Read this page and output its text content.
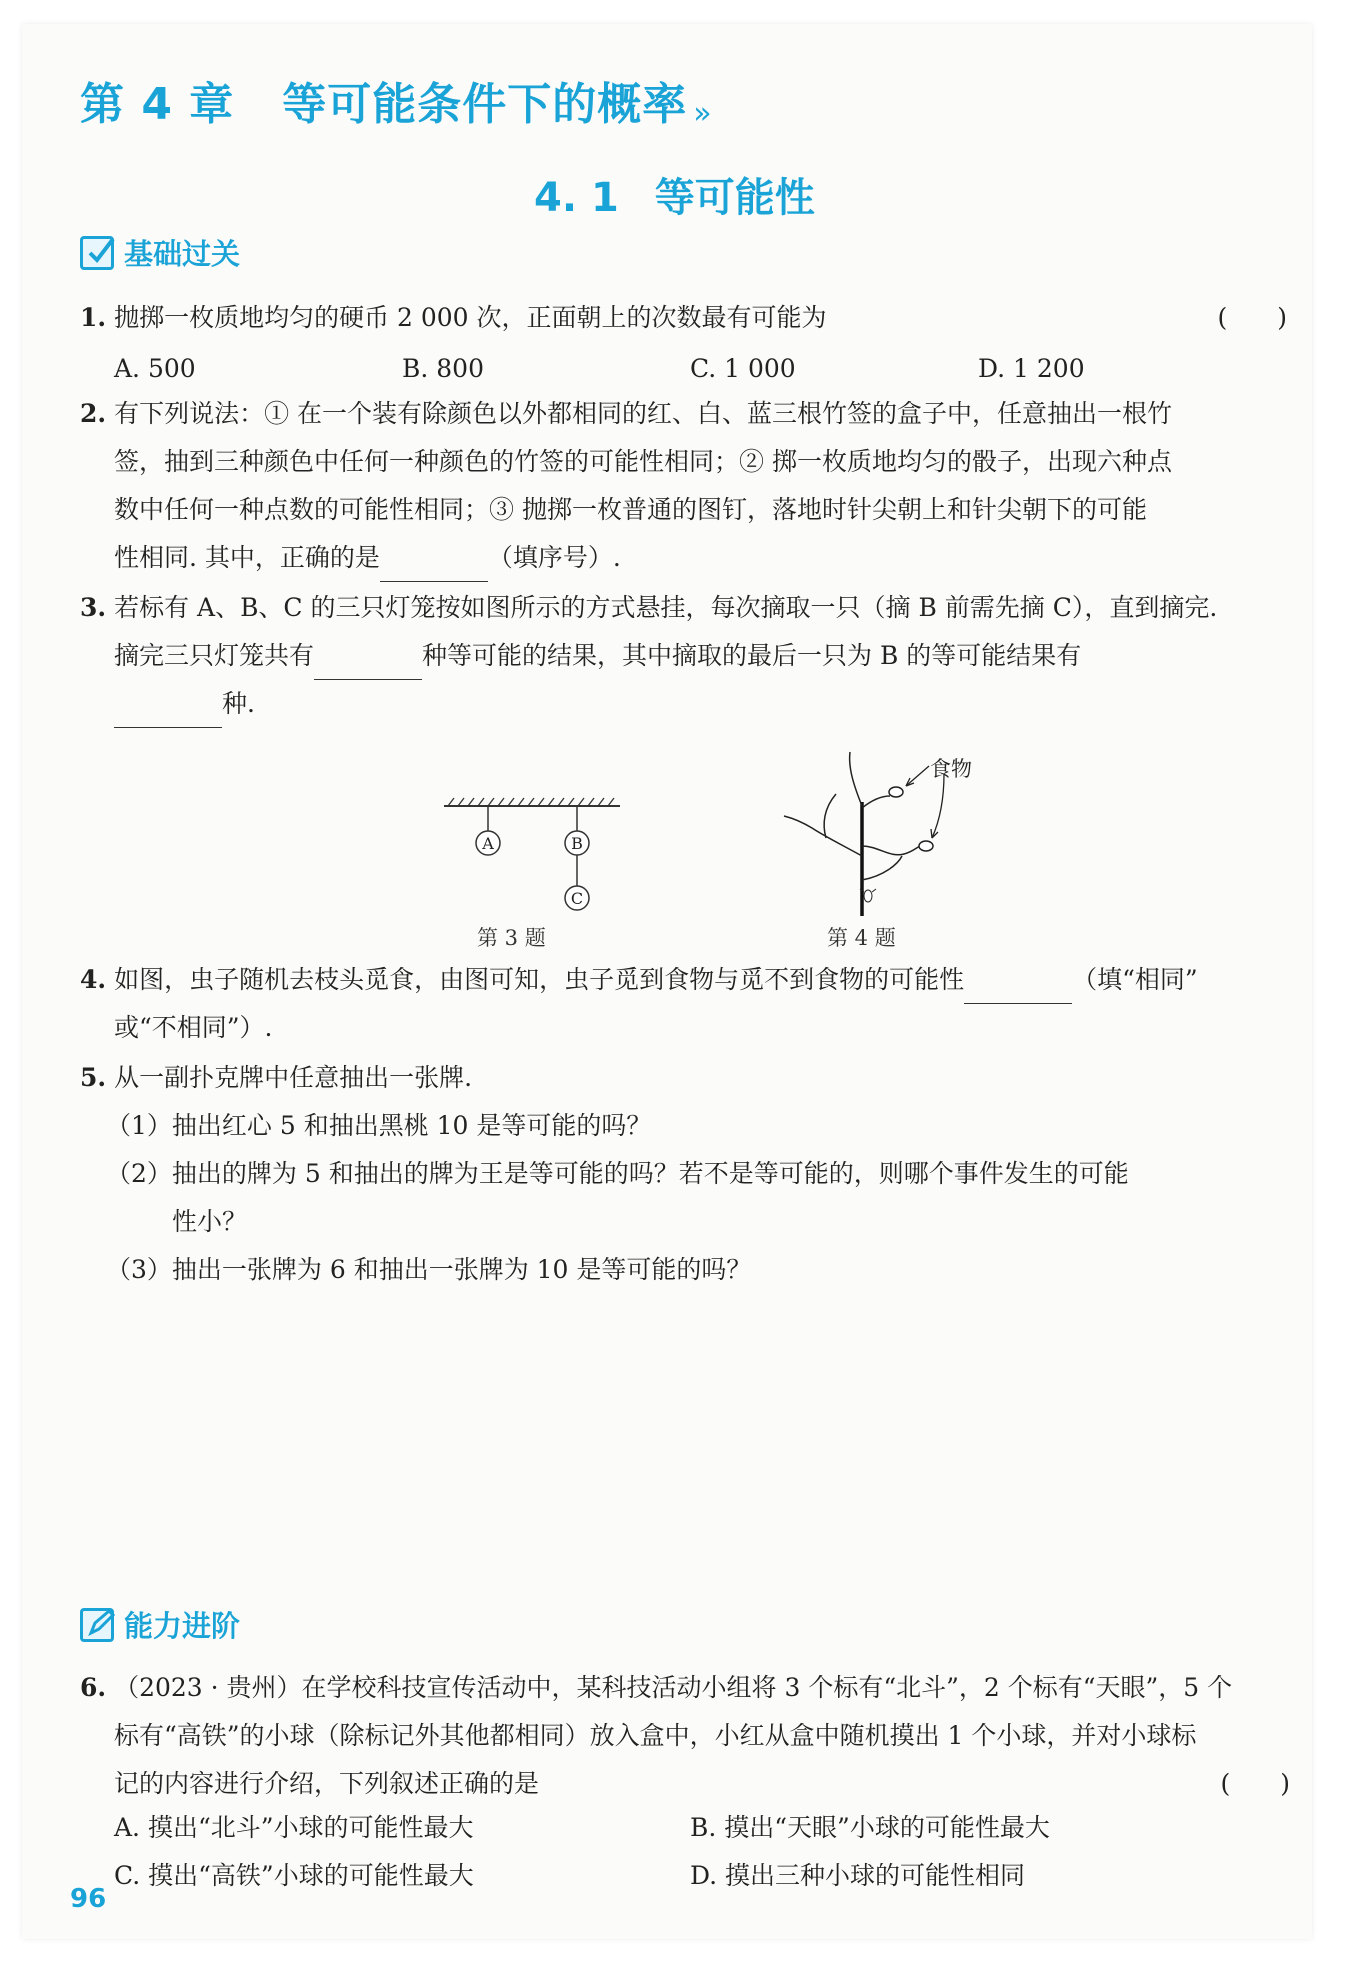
第 4 章 等可能条件下的概率 »
4. 1 等可能性
基础过关
1. 抛掷一枚质地均匀的硬币 2 000 次，正面朝上的次数最有可能为	(　　)
A. 500	B. 800	C. 1 000	D. 1 200
2. 有下列说法：① 在一个装有除颜色以外都相同的红、白、蓝三根竹签的盒子中，任意抽出一根竹
签，抽到三种颜色中任何一种颜色的竹签的可能性相同；② 掷一枚质地均匀的骰子，出现六种点
数中任何一种点数的可能性相同；③ 抛掷一枚普通的图钉，落地时针尖朝上和针尖朝下的可能
性相同. 其中，正确的是	（填序号）.
3. 若标有 A、B、C 的三只灯笼按如图所示的方式悬挂，每次摘取一只（摘 B 前需先摘 C），直到摘完.
摘完三只灯笼共有	种等可能的结果，其中摘取的最后一只为 B 的等可能结果有
种.
A	B
C
第 3 题
食物
第 4 题
4. 如图，虫子随机去枝头觅食，由图可知，虫子觅到食物与觅不到食物的可能性	（填“相同”
或“不相同”）.
5. 从一副扑克牌中任意抽出一张牌.
（1）抽出红心 5 和抽出黑桃 10 是等可能的吗？
（2）抽出的牌为 5 和抽出的牌为王是等可能的吗？若不是等可能的，则哪个事件发生的可能
性小？
（3）抽出一张牌为 6 和抽出一张牌为 10 是等可能的吗？
能力进阶
6. （2023 · 贵州）在学校科技宣传活动中，某科技活动小组将 3 个标有“北斗”，2 个标有“天眼”，5 个
标有“高铁”的小球（除标记外其他都相同）放入盒中，小红从盒中随机摸出 1 个小球，并对小球标
记的内容进行介绍，下列叙述正确的是	(　　)
A. 摸出“北斗”小球的可能性最大	B. 摸出“天眼”小球的可能性最大
C. 摸出“高铁”小球的可能性最大	D. 摸出三种小球的可能性相同
96
